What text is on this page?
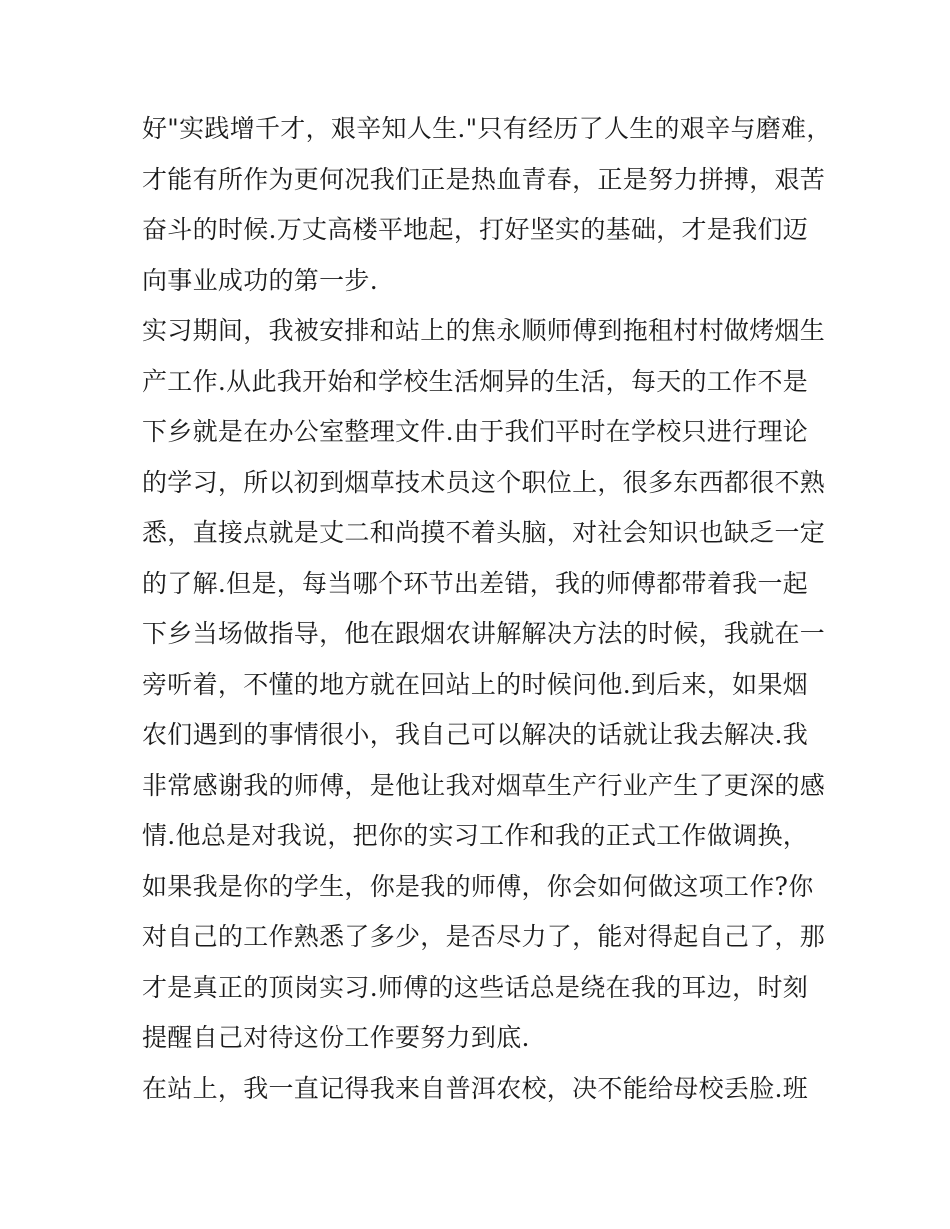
好"实践增千才，艰辛知人生."只有经历了人生的艰辛与磨难，
才能有所作为更何况我们正是热血青春，正是努力拼搏，艰苦
奋斗的时候.万丈高楼平地起，打好坚实的基础，才是我们迈
向事业成功的第一步.
实习期间，我被安排和站上的焦永顺师傅到拖租村村做烤烟生
产工作.从此我开始和学校生活炯异的生活，每天的工作不是
下乡就是在办公室整理文件.由于我们平时在学校只进行理论
的学习，所以初到烟草技术员这个职位上，很多东西都很不熟
悉，直接点就是丈二和尚摸不着头脑，对社会知识也缺乏一定
的了解.但是，每当哪个环节出差错，我的师傅都带着我一起
下乡当场做指导，他在跟烟农讲解解决方法的时候，我就在一
旁听着，不懂的地方就在回站上的时候问他.到后来，如果烟
农们遇到的事情很小，我自己可以解决的话就让我去解决.我
非常感谢我的师傅，是他让我对烟草生产行业产生了更深的感
情.他总是对我说，把你的实习工作和我的正式工作做调换，
如果我是你的学生，你是我的师傅，你会如何做这项工作?你
对自己的工作熟悉了多少，是否尽力了，能对得起自己了，那
才是真正的顶岗实习.师傅的这些话总是绕在我的耳边，时刻
提醒自己对待这份工作要努力到底.
在站上，我一直记得我来自普洱农校，决不能给母校丢脸.班
